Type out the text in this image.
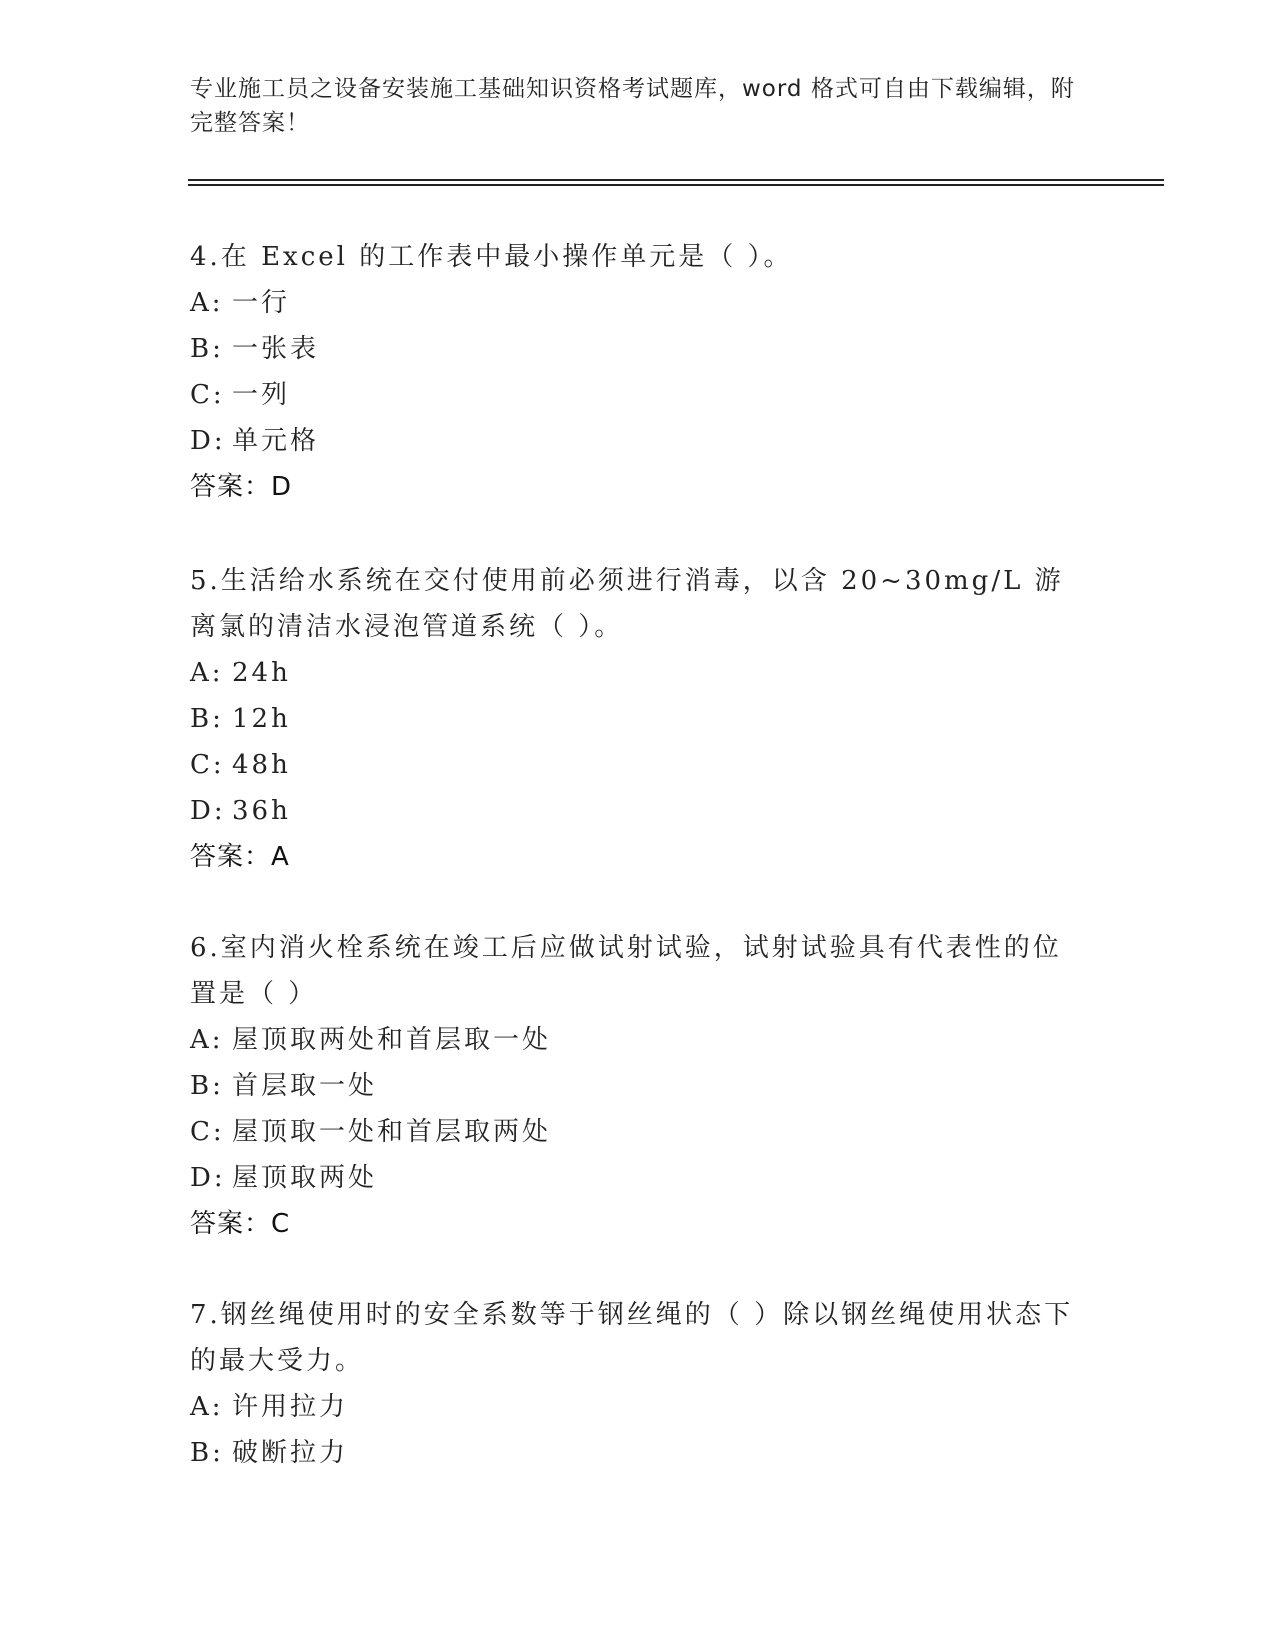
专业施工员之设备安装施工基础知识资格考试题库，word 格式可自由下载编辑，附完整答案！

4.在 Excel 的工作表中最小操作单元是（ ）。

A: 一行
B: 一张表
C: 一列
D: 单元格
答案：D

5.生活给水系统在交付使用前必须进行消毒，以含 20~30mg/L 游离氯的清洁水浸泡管道系统（ ）。

A: 24h
B: 12h
C: 48h
D: 36h
答案：A

6.室内消火栓系统在竣工后应做试射试验，试射试验具有代表性的位置是（ ）

A: 屋顶取两处和首层取一处
B: 首层取一处
C: 屋顶取一处和首层取两处
D: 屋顶取两处
答案：C

7.钢丝绳使用时的安全系数等于钢丝绳的（ ）除以钢丝绳使用状态下的最大受力。

A: 许用拉力
B: 破断拉力
